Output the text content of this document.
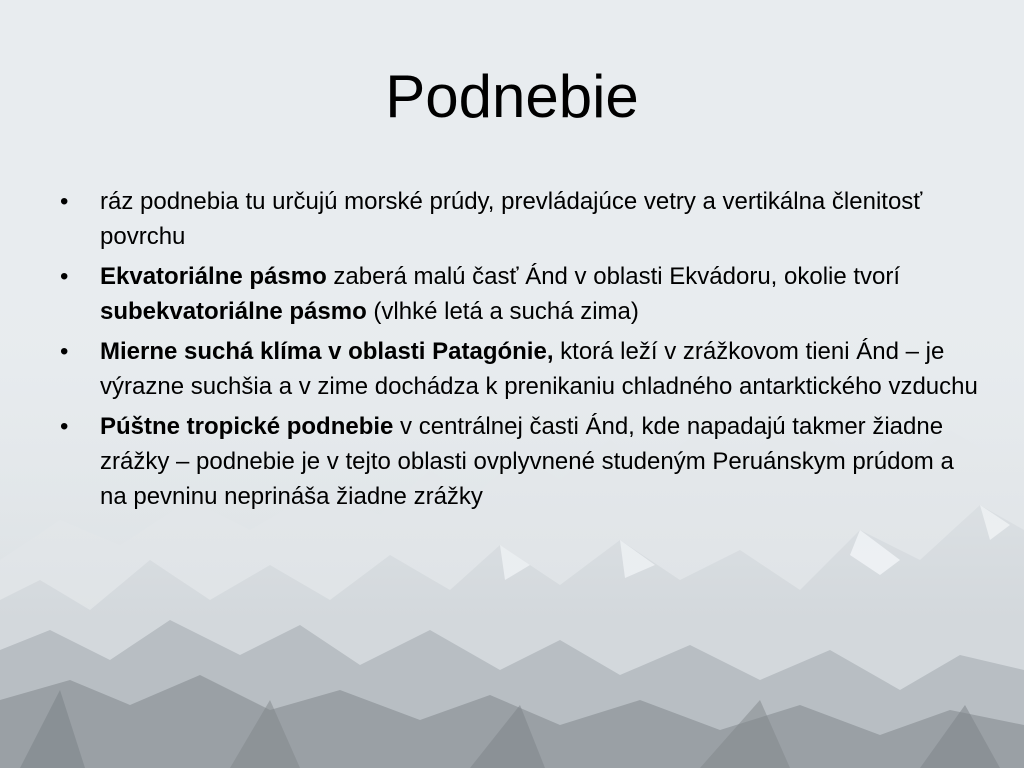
Podnebie
• ráz podnebia tu určujú morské prúdy, prevládajúce vetry a vertikálna členitosť povrchu
• Ekvatoriálne pásmo zaberá malú časť Ánd v oblasti Ekvádoru, okolie tvorí subekvatoriálne pásmo (vlhké letá a suchá zima)
• Mierne suchá klíma v oblasti Patagónie, ktorá leží v zrážkovom tieni Ánd – je výrazne suchšia a v zime dochádza k prenikaniu chladného antarktického vzduchu
• Púštne tropické podnebie v centrálnej časti Ánd, kde napadajú takmer žiadne zrážky – podnebie je v tejto oblasti ovplyvnené studeným Peruánskym prúdom a na pevninu neprináša žiadne zrážky
